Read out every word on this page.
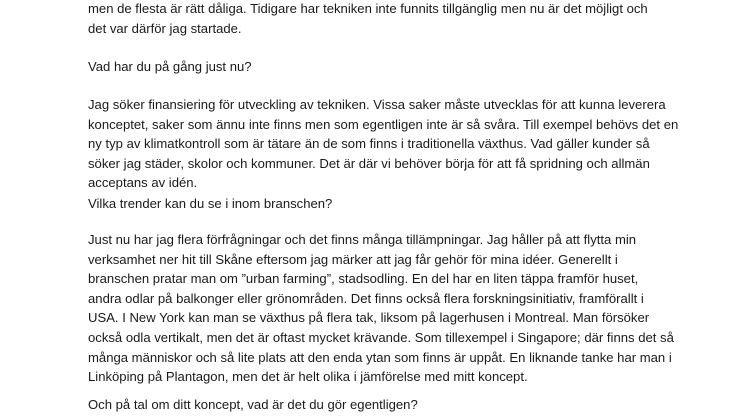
men de flesta är rätt dåliga. Tidigare har tekniken inte funnits tillgänglig men nu är det möjligt och
det var därför jag startade.
Vad har du på gång just nu?
Jag söker finansiering för utveckling av tekniken. Vissa saker måste utvecklas för att kunna leverera
konceptet, saker som ännu inte finns men som egentligen inte är så svåra. Till exempel behövs det en
ny typ av klimatkontroll som är tätare än de som finns i traditionella växthus. Vad gäller kunder så
söker jag städer, skolor och kommuner. Det är där vi behöver börja för att få spridning och allmän
acceptans av idén.
Vilka trender kan du se i inom branschen?
Just nu har jag flera förfrågningar och det finns många tillämpningar. Jag håller på att flytta min
verksamhet ner hit till Skåne eftersom jag märker att jag får gehör för mina idéer. Generellt i
branschen pratar man om ”urban farming”, stadsodling. En del har en liten täppa framför huset,
andra odlar på balkonger eller grönområden. Det finns också flera forskningsinitiativ, framförallt i
USA. I New York kan man se växthus på flera tak, liksom på lagerhusen i Montreal. Man försöker
också odla vertikalt, men det är oftast mycket krävande. Som tillexempel i Singapore; där finns det så
många människor och så lite plats att den enda ytan som finns är uppåt. En liknande tanke har man i
Linköping på Plantagon, men det är helt olika i jämförelse med mitt koncept.
Och på tal om ditt koncept, vad är det du gör egentligen?
